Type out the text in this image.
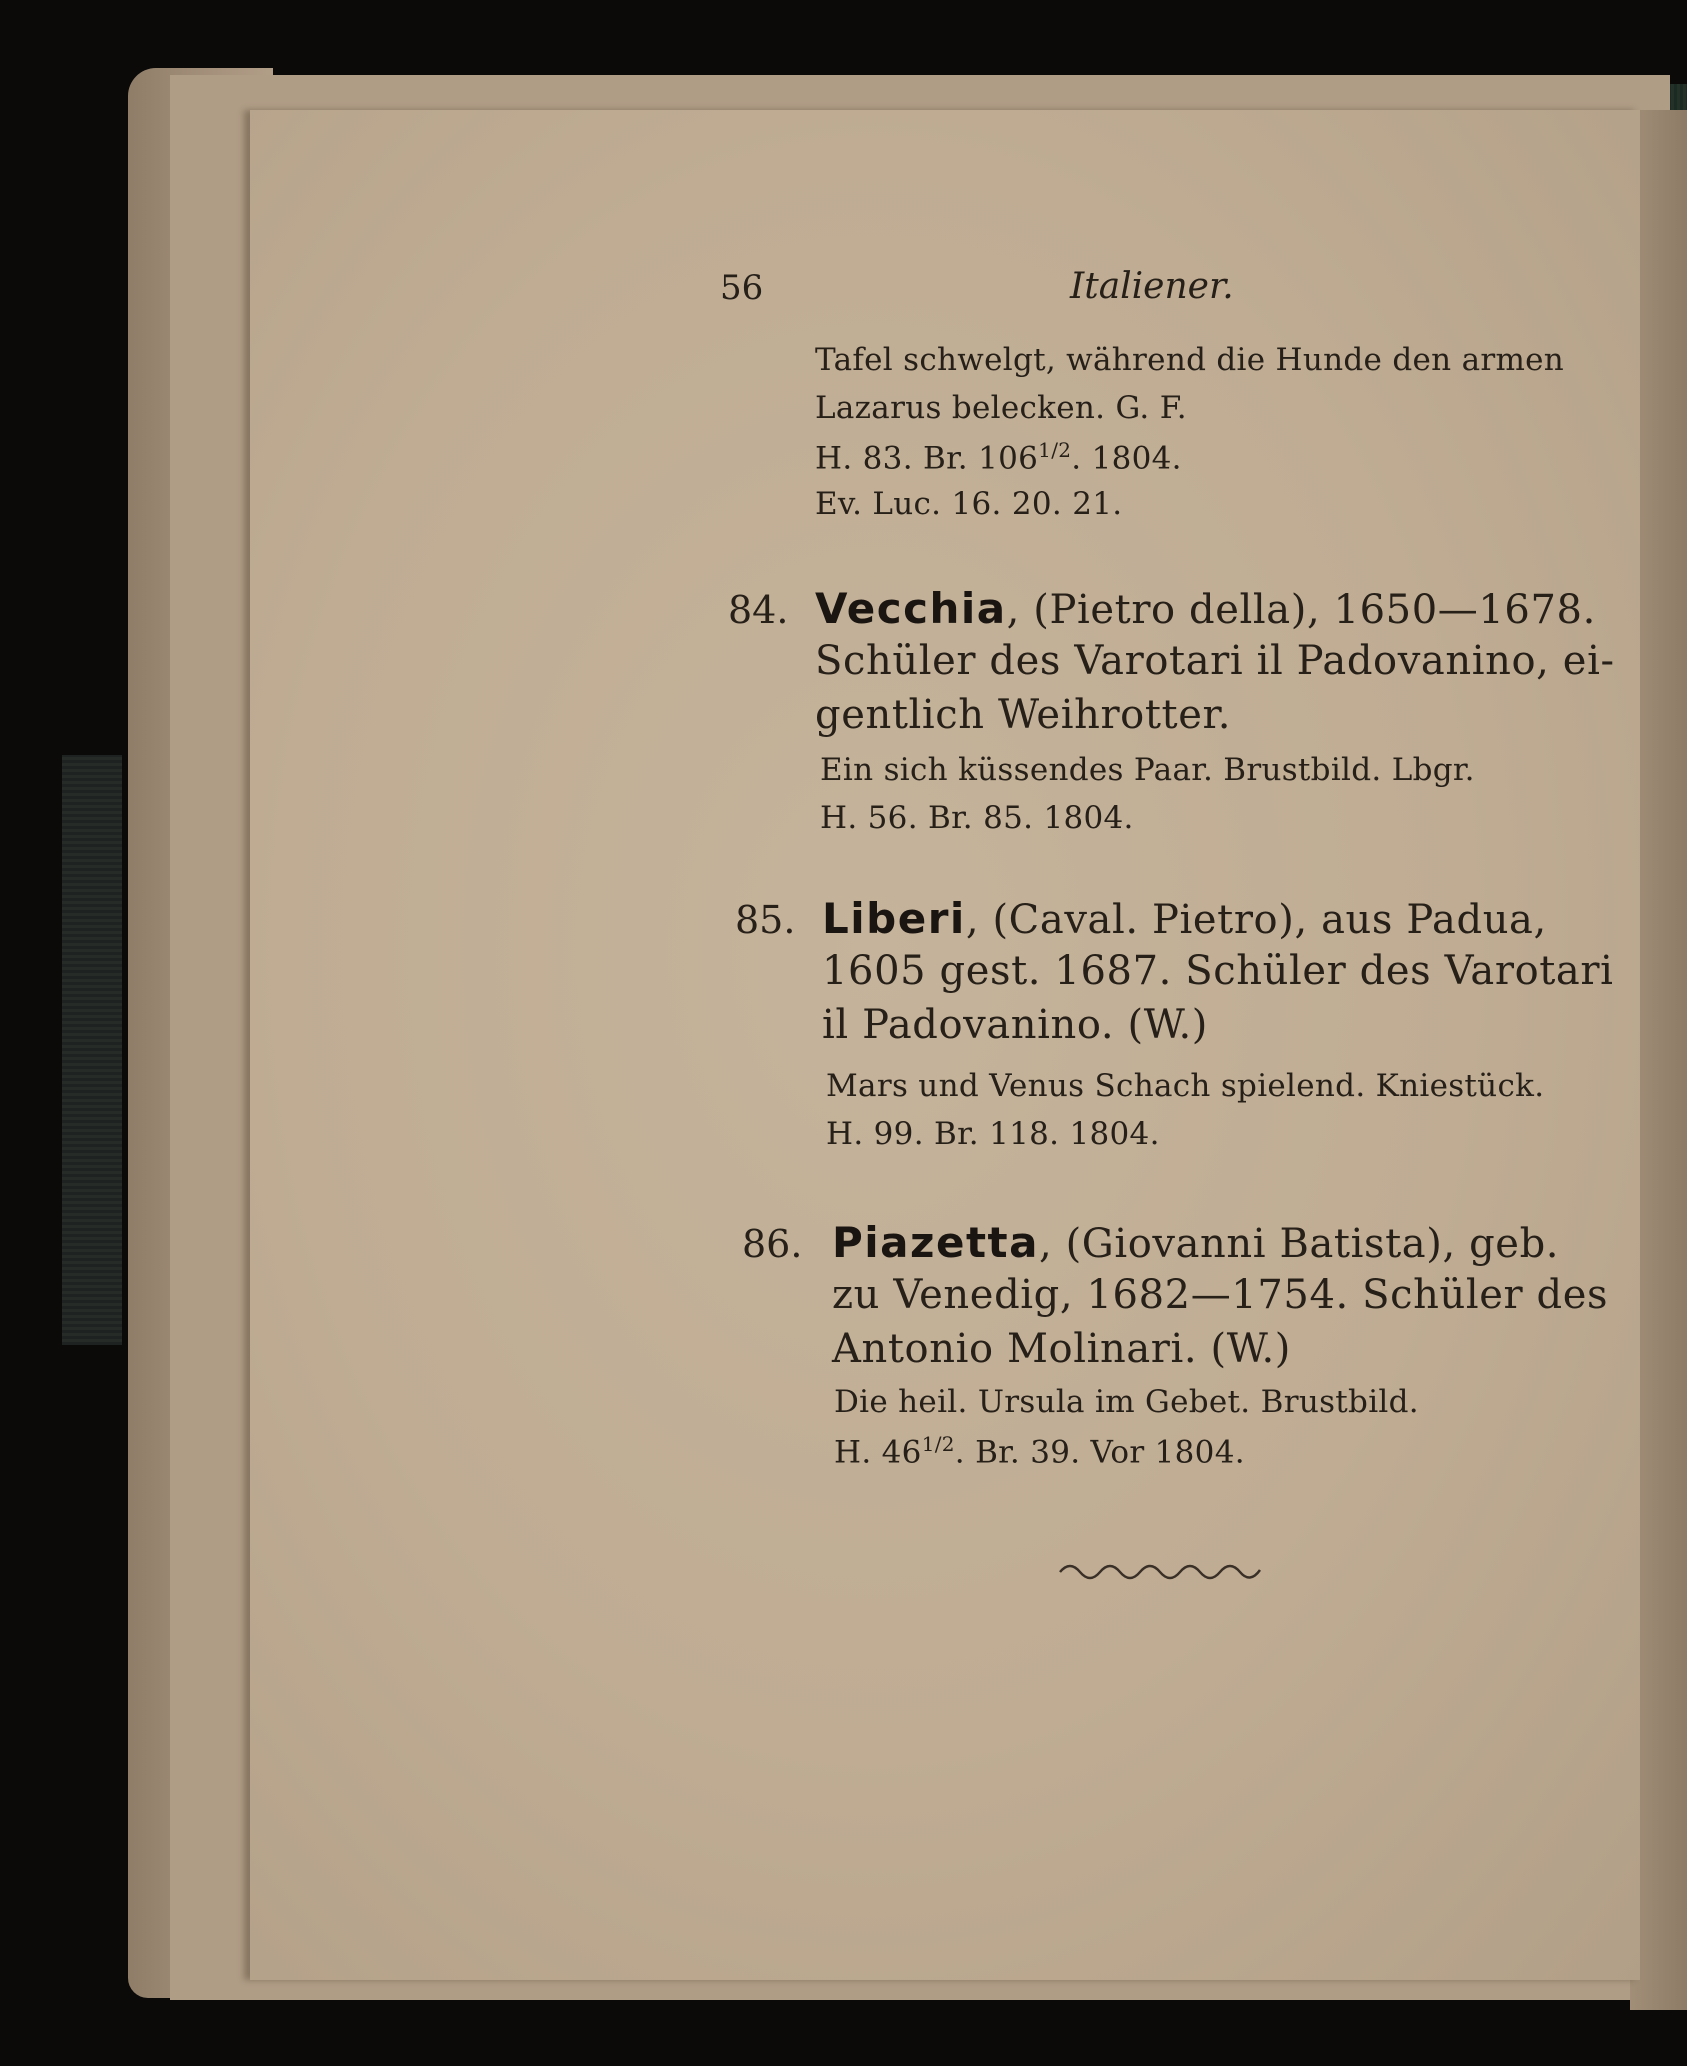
56	Italiener.
Tafel schwelgt, während die Hunde den armen
Lazarus belecken. G. F.
H. 83. Br. $106^{1/2}$. 1804.
Ev. Luc. 16. 20. 21.
84. Vecchia, (Pietro della), 1650—1678.
Schüler des Varotari il Padovanino, ei-
gentlich Weihrotter.
Ein sich küssendes Paar. Brustbild. Lbgr.
H. 56. Br. 85. 1804.
85. Liberi, (Caval. Pietro), aus Padua,
1605 gest. 1687. Schüler des Varotari
il Padovanino. (W.)
Mars und Venus Schach spielend. Kniestück.
H. 99. Br. 118. 1804.
86. Piazetta, (Giovanni Batista), geb.
zu Venedig, 1682—1754. Schüler des
Antonio Molinari. (W.)
Die heil. Ursula im Gebet. Brustbild.
H. $46^{1/2}$. Br. 39. Vor 1804.
